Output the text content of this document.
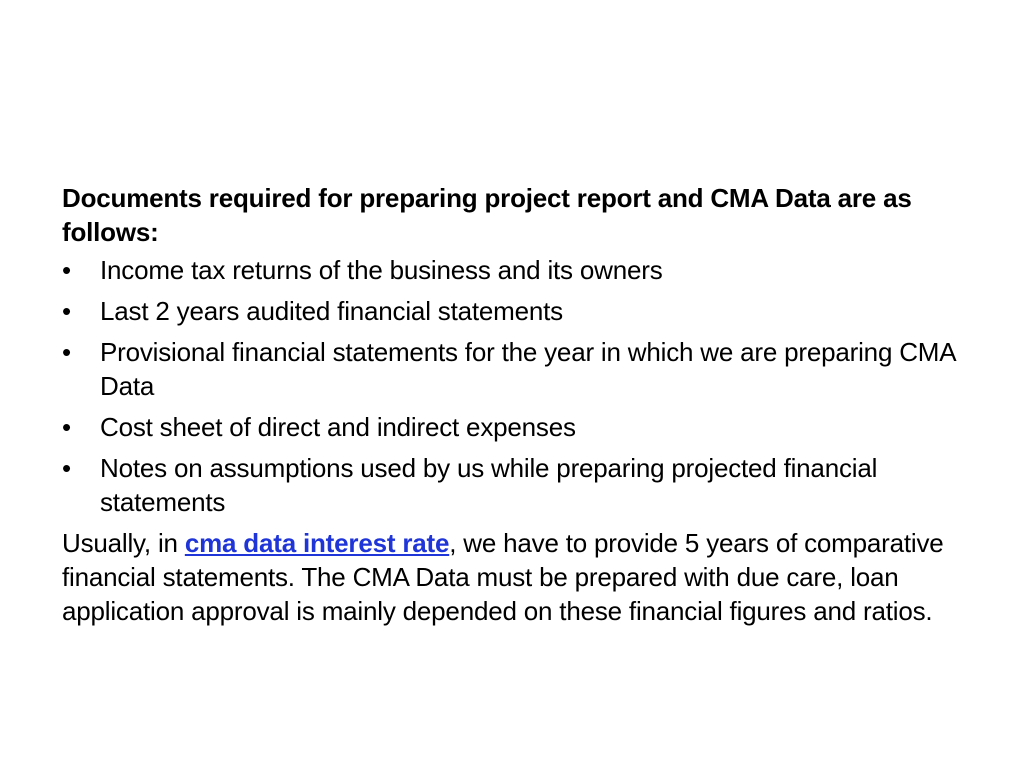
Documents required for preparing project report and CMA Data are as follows:
•	Income tax returns of the business and its owners
•	Last 2 years audited financial statements
•	Provisional financial statements for the year in which we are preparing CMA Data
•	Cost sheet of direct and indirect expenses
•	Notes on assumptions used by us while preparing projected financial statements

Usually, in cma data interest rate, we have to provide 5 years of comparative financial statements. The CMA Data must be prepared with due care, loan application approval is mainly depended on these financial figures and ratios.
